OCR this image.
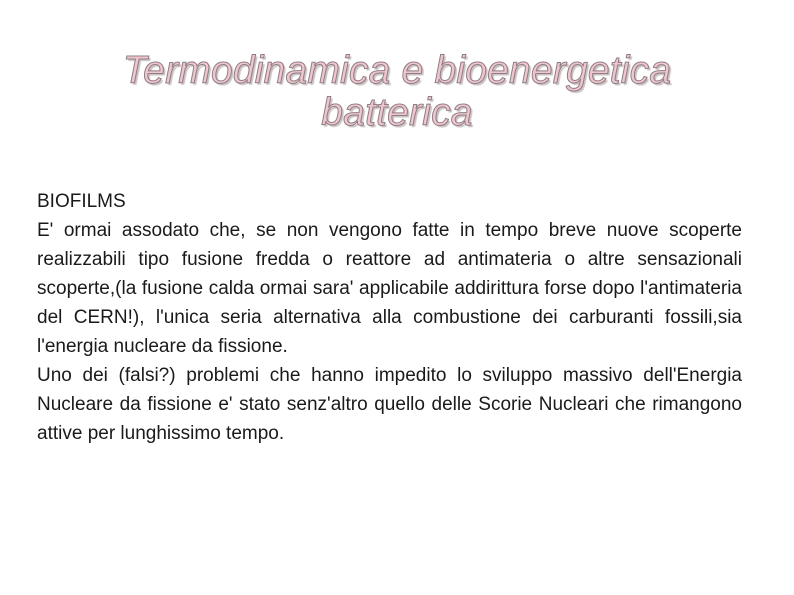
Termodinamica e bioenergetica
batterica

BIOFILMS

E' ormai assodato che, se non vengono fatte in tempo breve nuove scoperte realizzabili tipo fusione fredda o reattore ad antimateria o altre sensazionali scoperte,(la fusione calda ormai sara' applicabile addirittura forse dopo l'antimateria del CERN!), l'unica seria alternativa alla combustione dei carburanti fossili,sia l'energia nucleare da fissione.

Uno dei (falsi?) problemi che hanno impedito lo sviluppo massivo dell'Energia Nucleare da fissione e' stato senz'altro quello delle Scorie Nucleari che rimangono attive per lunghissimo tempo.
